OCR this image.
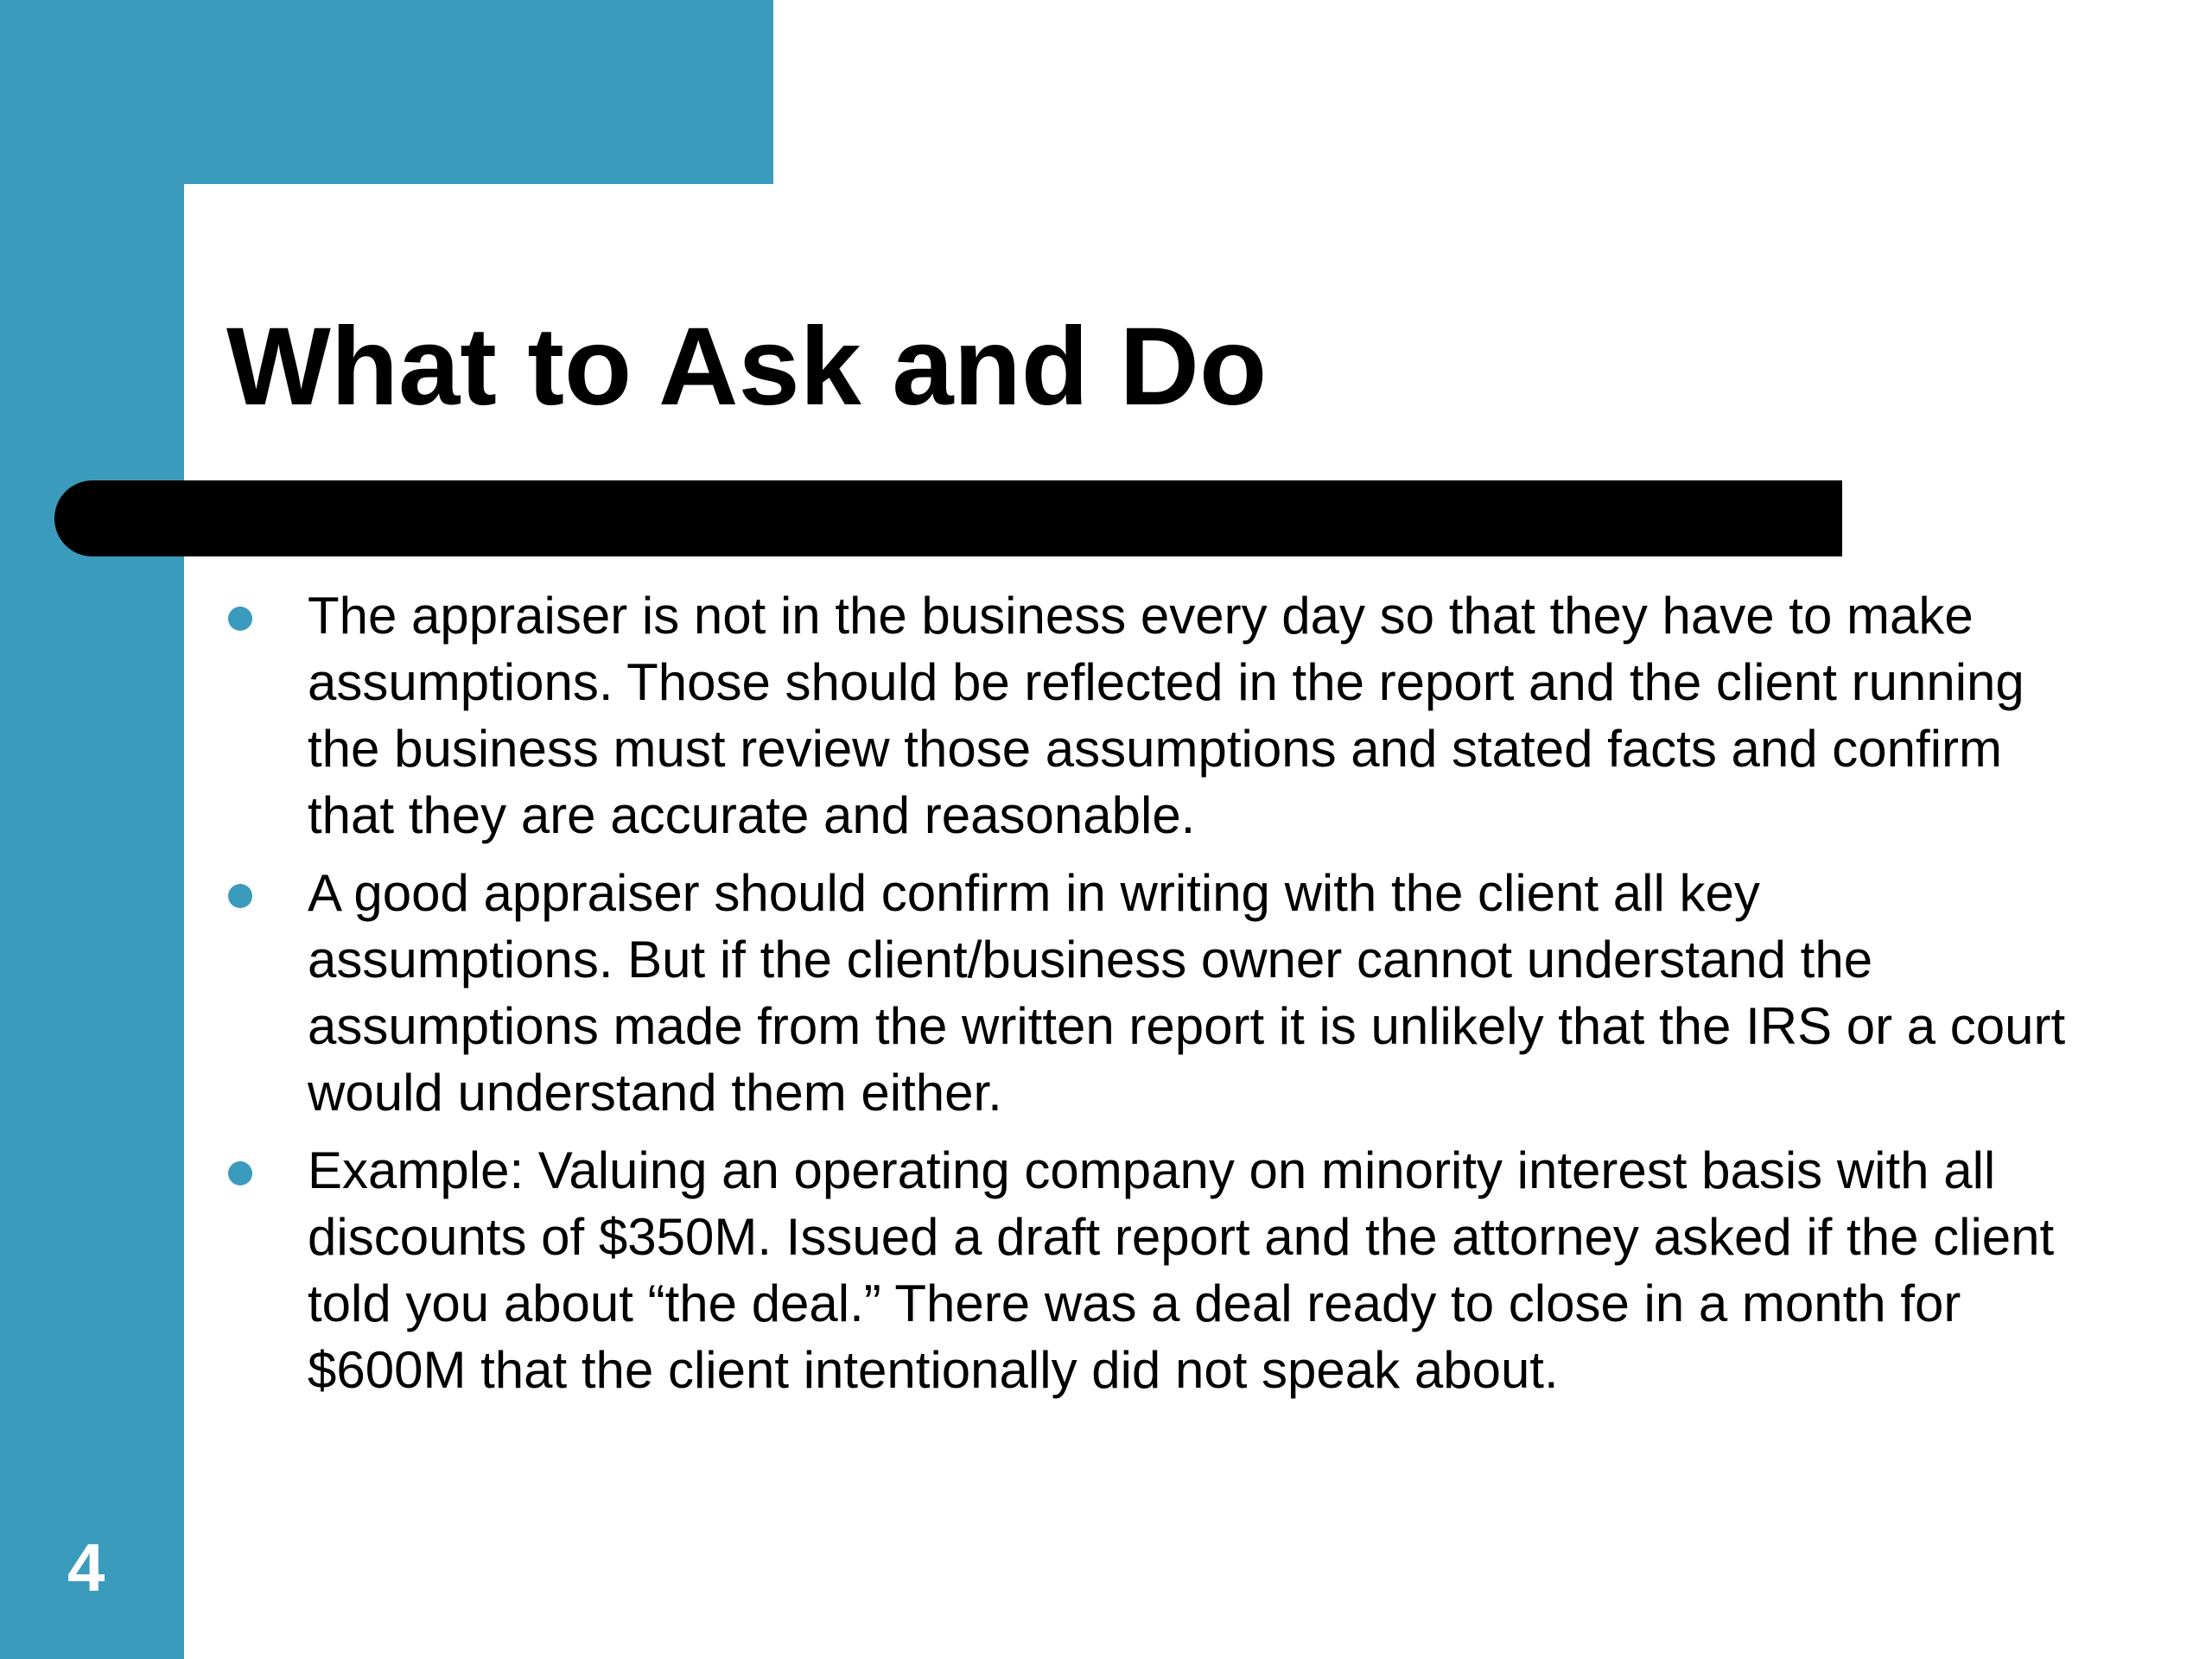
What to Ask and Do
The appraiser is not in the business every day so that they have to make assumptions. Those should be reflected in the report and the client running the business must review those assumptions and stated facts and confirm that they are accurate and reasonable.
A good appraiser should confirm in writing with the client all key assumptions. But if the client/business owner cannot understand the assumptions made from the written report it is unlikely that the IRS or a court would understand them either.
Example: Valuing an operating company on minority interest basis with all discounts of $350M. Issued a draft report and the attorney asked if the client told you about “the deal.” There was a deal ready to close in a month for $600M that the client intentionally did not speak about.
4
